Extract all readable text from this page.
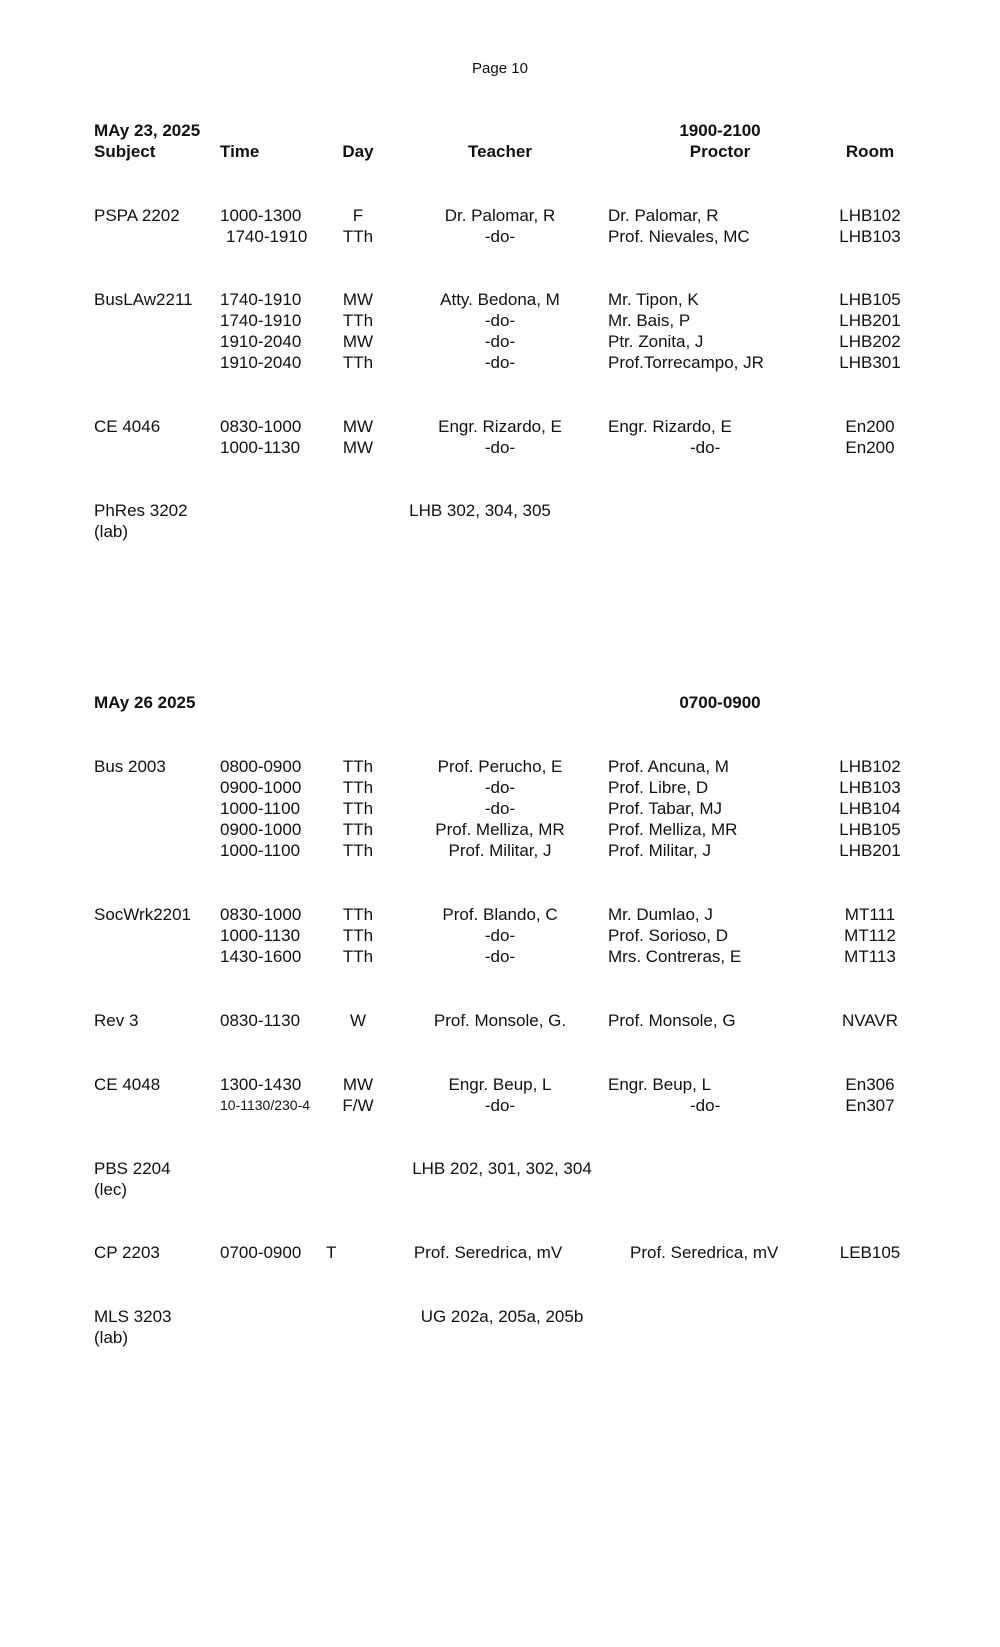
Page 10
MAy 23, 2025	1900-2100
Subject	Time	Day	Teacher	Proctor	Room
PSPA 2202 1000-1300	F	Dr. Palomar, R	Dr. Palomar, R	LHB102
1740-1910	TTh	-do-	Prof. Nievales, MC	LHB103
BusLAw2211 1740-1910	MW	Atty. Bedona, M	Mr. Tipon, K	LHB105
1740-1910	TTh	-do-	Mr. Bais, P	LHB201
1910-2040	MW	-do-	Ptr. Zonita, J	LHB202
1910-2040	TTh	-do-	Prof.Torrecampo, JR	LHB301
CE 4046	0830-1000	MW	Engr. Rizardo, E	Engr. Rizardo, E	En200
1000-1130	MW	-do-	-do-	En200
PhRes 3202	LHB 302, 304, 305
(lab)
MAy 26 2025	0700-0900
Bus 2003	0800-0900	TTh	Prof. Perucho, E	Prof. Ancuna, M	LHB102
0900-1000	TTh	-do-	Prof. Libre, D	LHB103
1000-1100	TTh	-do-	Prof. Tabar, MJ	LHB104
0900-1000	TTh	Prof. Melliza, MR	Prof. Melliza, MR	LHB105
1000-1100	TTh	Prof. Militar, J	Prof. Militar, J	LHB201
SocWrk2201 0830-1000	TTh	Prof. Blando, C	Mr. Dumlao, J	MT111
1000-1130	TTh	-do-	Prof. Sorioso, D	MT112
1430-1600	TTh	-do-	Mrs. Contreras, E	MT113
Rev 3	0830-1130	W	Prof. Monsole, G.	Prof. Monsole, G	NVAVR
CE 4048	1300-1430	MW	Engr. Beup, L	Engr. Beup, L	En306
10-1130/230-4	F/W	-do-	-do-	En307
PBS 2204	LHB 202, 301, 302, 304
(lec)
CP 2203	0700-0900 T	Prof. Seredrica, mV	Prof. Seredrica, mV	LEB105
MLS 3203	UG 202a, 205a, 205b
(lab)
